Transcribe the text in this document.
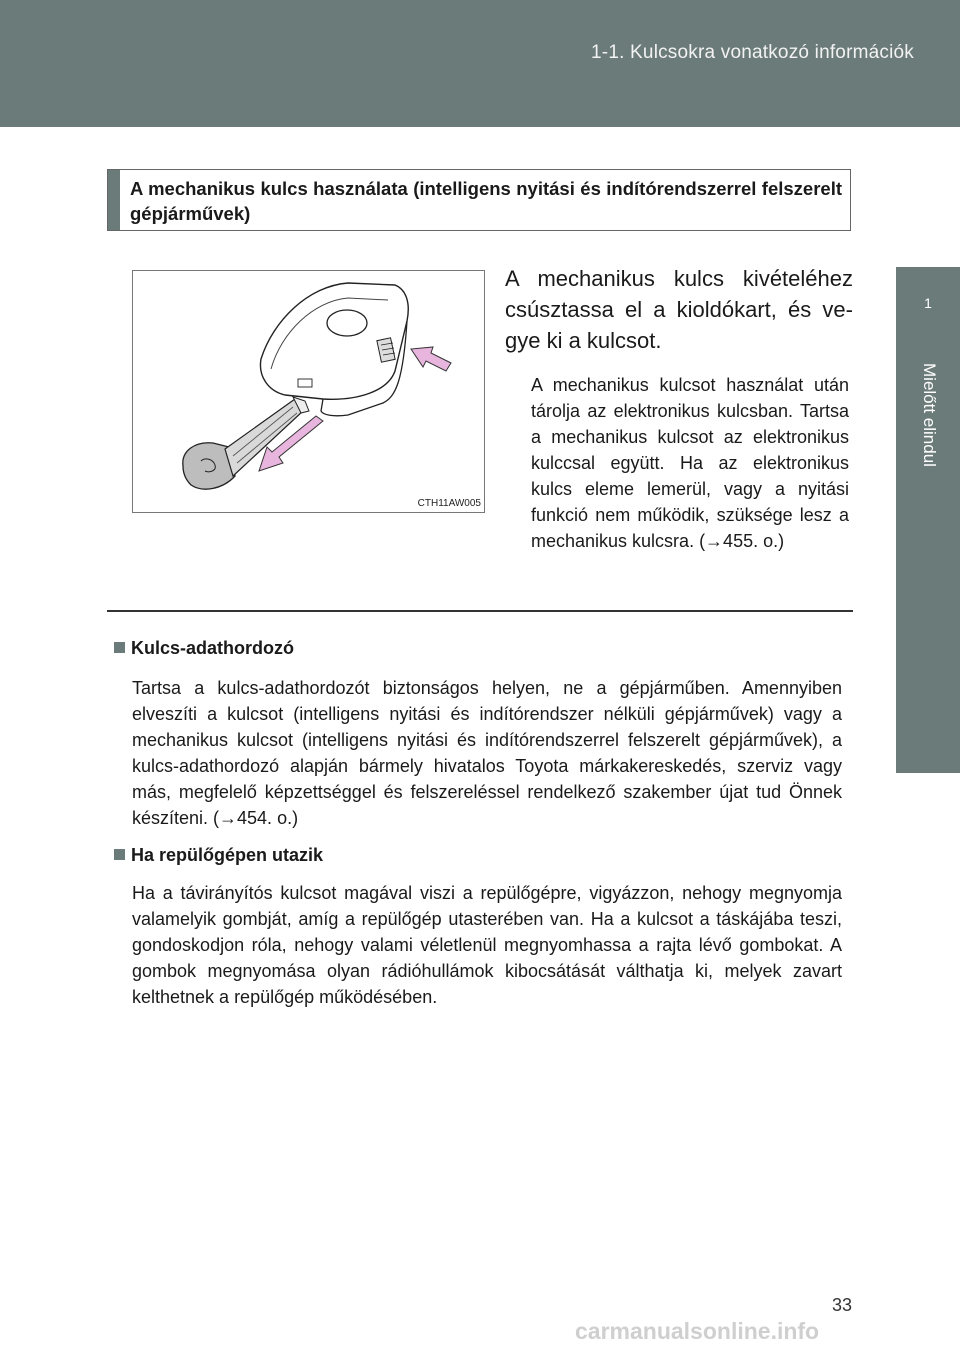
1-1. Kulcsokra vonatkozó információk
1
Mielőtt elindul
A mechanikus kulcs használata (intelligens nyitási és indítórendszerrel felszerelt gépjárművek)
CTH11AW005
A mechanikus kulcs kivételéhez csúsztassa el a kioldókart, és vegye ki a kulcsot.
A mechanikus kulcsot használat után tárolja az elektronikus kulcsban. Tartsa a mechanikus kulcsot az elektronikus kulccsal együtt. Ha az elektronikus kulcs eleme lemerül, vagy a nyitási funkció nem működik, szüksége lesz a mechanikus kulcsra. (→455. o.)
Kulcs-adathordozó
Tartsa a kulcs-adathordozót biztonságos helyen, ne a gépjárműben. Amennyiben elveszíti a kulcsot (intelligens nyitási és indítórendszer nélküli gépjárművek) vagy a mechanikus kulcsot (intelligens nyitási és indítórendszerrel felszerelt gépjárművek), a kulcs-adathordozó alapján bármely hivatalos Toyota márkakereskedés, szerviz vagy más, megfelelő képzettséggel és felszereléssel rendelkező szakember újat tud Önnek készíteni. (→454. o.)
Ha repülőgépen utazik
Ha a távirányítós kulcsot magával viszi a repülőgépre, vigyázzon, nehogy megnyomja valamelyik gombját, amíg a repülőgép utasterében van. Ha a kulcsot a táskájába teszi, gondoskodjon róla, nehogy valami véletlenül megnyomhassa a rajta lévő gombokat. A gombok megnyomása olyan rádióhullámok kibocsátását válthatja ki, melyek zavart kelthetnek a repülőgép működésében.
33
carmanualsonline.info
